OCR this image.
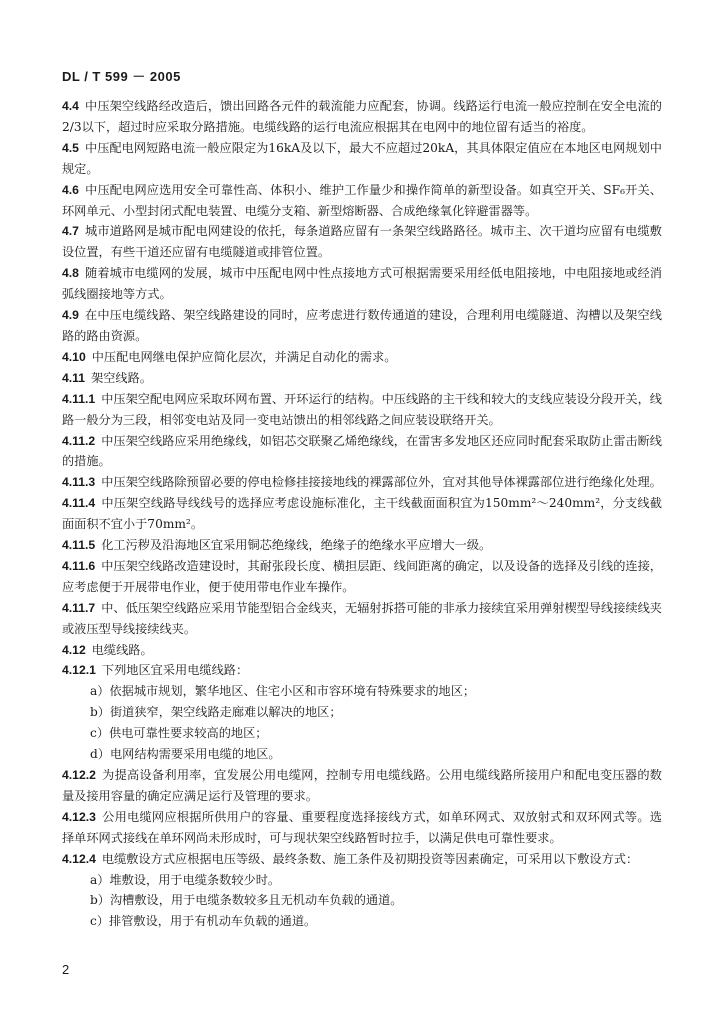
DL / T 599 － 2005

4.4 中压架空线路经改造后，馈出回路各元件的载流能力应配套，协调。线路运行电流一般应控制在安全电流的2/3以下，超过时应采取分路措施。电缆线路的运行电流应根据其在电网中的地位留有适当的裕度。

4.5 中压配电网短路电流一般应限定为16kA及以下，最大不应超过20kA，其具体限定值应在本地区电网规划中规定。

4.6 中压配电网应选用安全可靠性高、体积小、维护工作量少和操作简单的新型设备。如真空开关、SF₆开关、环网单元、小型封闭式配电装置、电缆分支箱、新型熔断器、合成绝缘氧化锌避雷器等。

4.7 城市道路网是城市配电网建设的依托，每条道路应留有一条架空线路路径。城市主、次干道均应留有电缆敷设位置，有些干道还应留有电缆隧道或排管位置。

4.8 随着城市电缆网的发展，城市中压配电网中性点接地方式可根据需要采用经低电阻接地，中电阻接地或经消弧线圈接地等方式。

4.9 在中压电缆线路、架空线路建设的同时，应考虑进行数传通道的建设，合理利用电缆隧道、沟槽以及架空线路的路由资源。

4.10 中压配电网继电保护应简化层次，并满足自动化的需求。

4.11 架空线路。

4.11.1 中压架空配电网应采取环网布置、开环运行的结构。中压线路的主干线和较大的支线应装设分段开关，线路一般分为三段，相邻变电站及同一变电站馈出的相邻线路之间应装设联络开关。

4.11.2 中压架空线路应采用绝缘线，如铝芯交联聚乙烯绝缘线，在雷害多发地区还应同时配套采取防止雷击断线的措施。

4.11.3 中压架空线路除预留必要的停电检修挂接接地线的裸露部位外，宜对其他导体裸露部位进行绝缘化处理。

4.11.4 中压架空线路导线线号的选择应考虑设施标准化，主干线截面面积宜为150mm²～240mm²，分支线截面面积不宜小于70mm²。

4.11.5 化工污秽及沿海地区宜采用铜芯绝缘线，绝缘子的绝缘水平应增大一级。

4.11.6 中压架空线路改造建设时，其耐张段长度、横担层距、线间距离的确定，以及设备的选择及引线的连接，应考虑便于开展带电作业，便于使用带电作业车操作。

4.11.7 中、低压架空线路应采用节能型铝合金线夹，无辐射拆搭可能的非承力接续宜采用弹射楔型导线接续线夹或液压型导线接续线夹。

4.12 电缆线路。

4.12.1 下列地区宜采用电缆线路：

a）依据城市规划，繁华地区、住宅小区和市容环境有特殊要求的地区；

b）街道狭窄，架空线路走廊难以解决的地区；

c）供电可靠性要求较高的地区；

d）电网结构需要采用电缆的地区。

4.12.2 为提高设备利用率，宜发展公用电缆网，控制专用电缆线路。公用电缆线路所接用户和配电变压器的数量及接用容量的确定应满足运行及管理的要求。

4.12.3 公用电缆网应根据所供用户的容量、重要程度选择接线方式，如单环网式、双放射式和双环网式等。选择单环网式接线在单环网尚未形成时，可与现状架空线路暂时拉手，以满足供电可靠性要求。

4.12.4 电缆敷设方式应根据电压等级、最终条数、施工条件及初期投资等因素确定，可采用以下敷设方式：

a）堆敷设，用于电缆条数较少时。

b）沟槽敷设，用于电缆条数较多且无机动车负载的通道。

c）排管敷设，用于有机动车负载的通道。

2
